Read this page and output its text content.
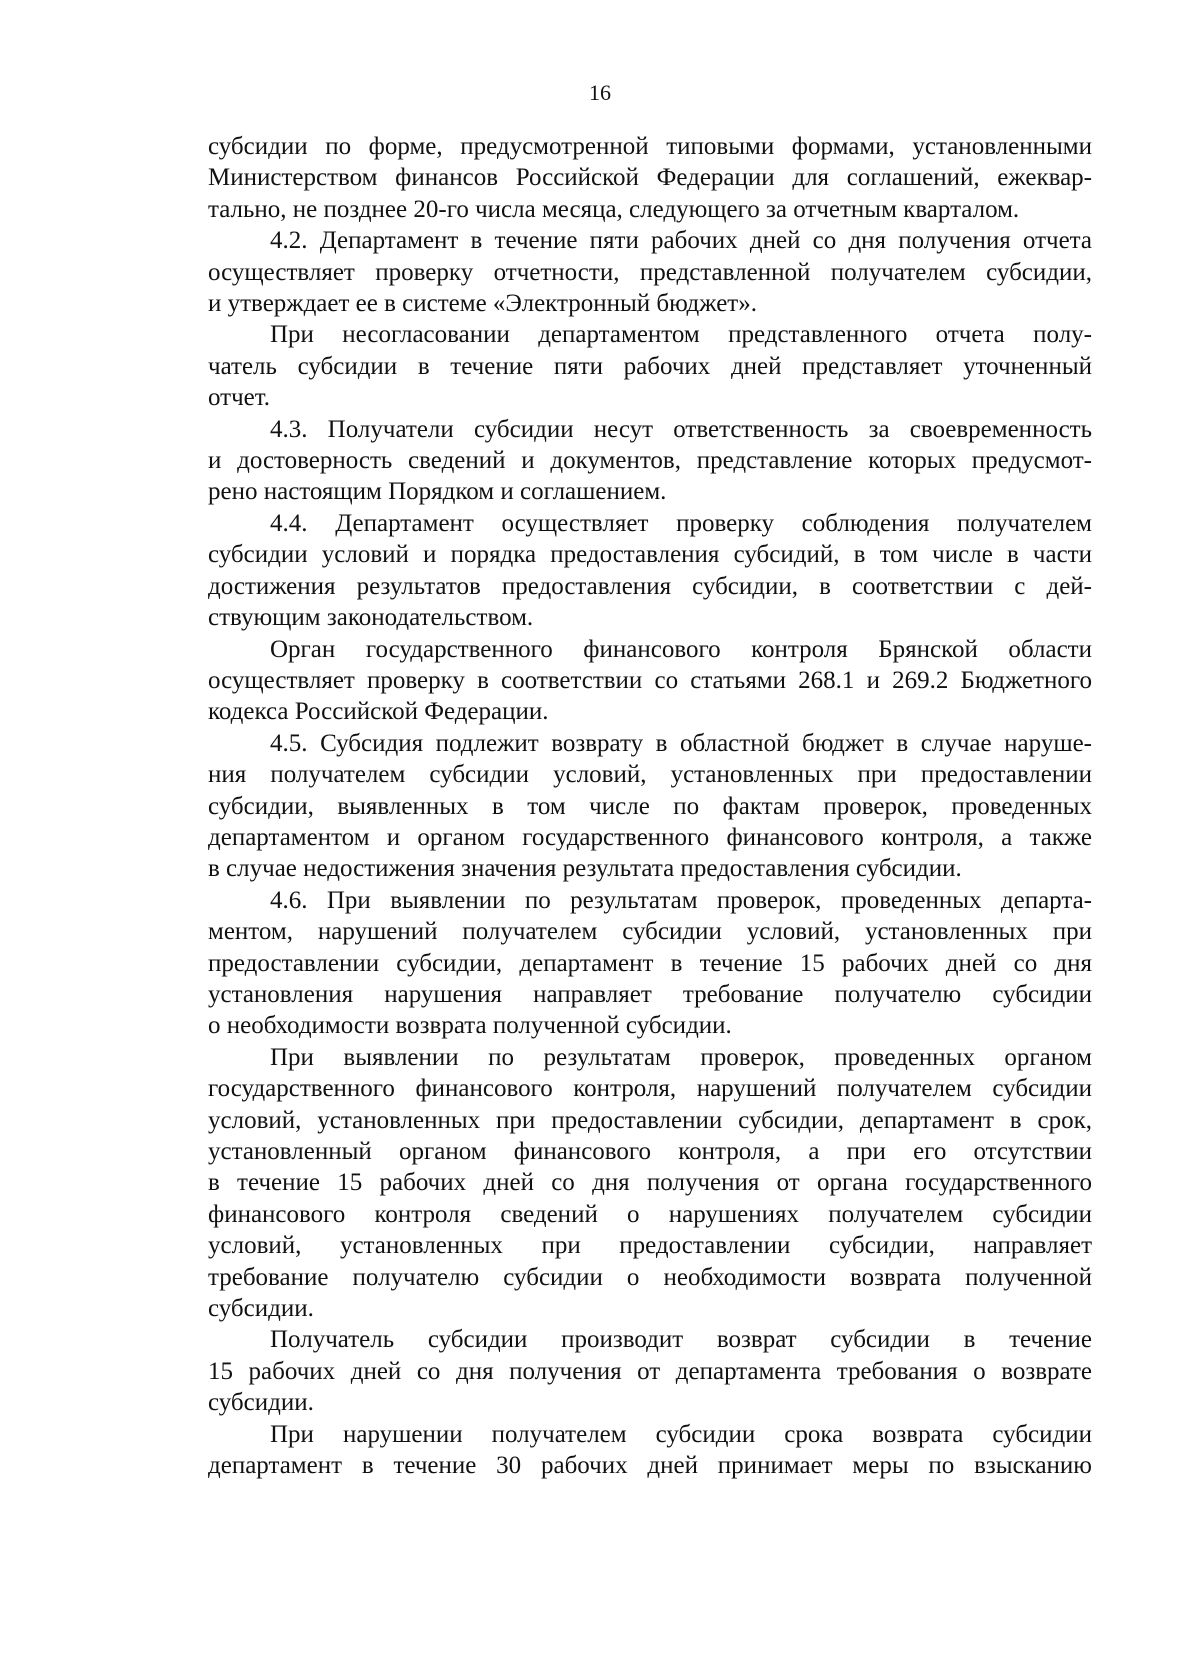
16
субсидии по форме, предусмотренной типовыми формами, установленными
Министерством финансов Российской Федерации для соглашений, ежеквар-
тально, не позднее 20-го числа месяца, следующего за отчетным кварталом.
4.2. Департамент в течение пяти рабочих дней со дня получения отчета
осуществляет проверку отчетности, представленной получателем субсидии,
и утверждает ее в системе «Электронный бюджет».
При несогласовании департаментом представленного отчета полу-
чатель субсидии в течение пяти рабочих дней представляет уточненный
отчет.
4.3. Получатели субсидии несут ответственность за своевременность
и достоверность сведений и документов, представление которых предусмот-
рено настоящим Порядком и соглашением.
4.4. Департамент осуществляет проверку соблюдения получателем
субсидии условий и порядка предоставления субсидий, в том числе в части
достижения результатов предоставления субсидии, в соответствии с дей-
ствующим законодательством.
Орган государственного финансового контроля Брянской области
осуществляет проверку в соответствии со статьями 268.1 и 269.2 Бюджетного
кодекса Российской Федерации.
4.5. Субсидия подлежит возврату в областной бюджет в случае наруше-
ния получателем субсидии условий, установленных при предоставлении
субсидии, выявленных в том числе по фактам проверок, проведенных
департаментом и органом государственного финансового контроля, а также
в случае недостижения значения результата предоставления субсидии.
4.6. При выявлении по результатам проверок, проведенных департа-
ментом, нарушений получателем субсидии условий, установленных при
предоставлении субсидии, департамент в течение 15 рабочих дней со дня
установления нарушения направляет требование получателю субсидии
о необходимости возврата полученной субсидии.
При выявлении по результатам проверок, проведенных органом
государственного финансового контроля, нарушений получателем субсидии
условий, установленных при предоставлении субсидии, департамент в срок,
установленный органом финансового контроля, а при его отсутствии
в течение 15 рабочих дней со дня получения от органа государственного
финансового контроля сведений о нарушениях получателем субсидии
условий, установленных при предоставлении субсидии, направляет
требование получателю субсидии о необходимости возврата полученной
субсидии.
Получатель субсидии производит возврат субсидии в течение
15 рабочих дней со дня получения от департамента требования о возврате
субсидии.
При нарушении получателем субсидии срока возврата субсидии
департамент в течение 30 рабочих дней принимает меры по взысканию
